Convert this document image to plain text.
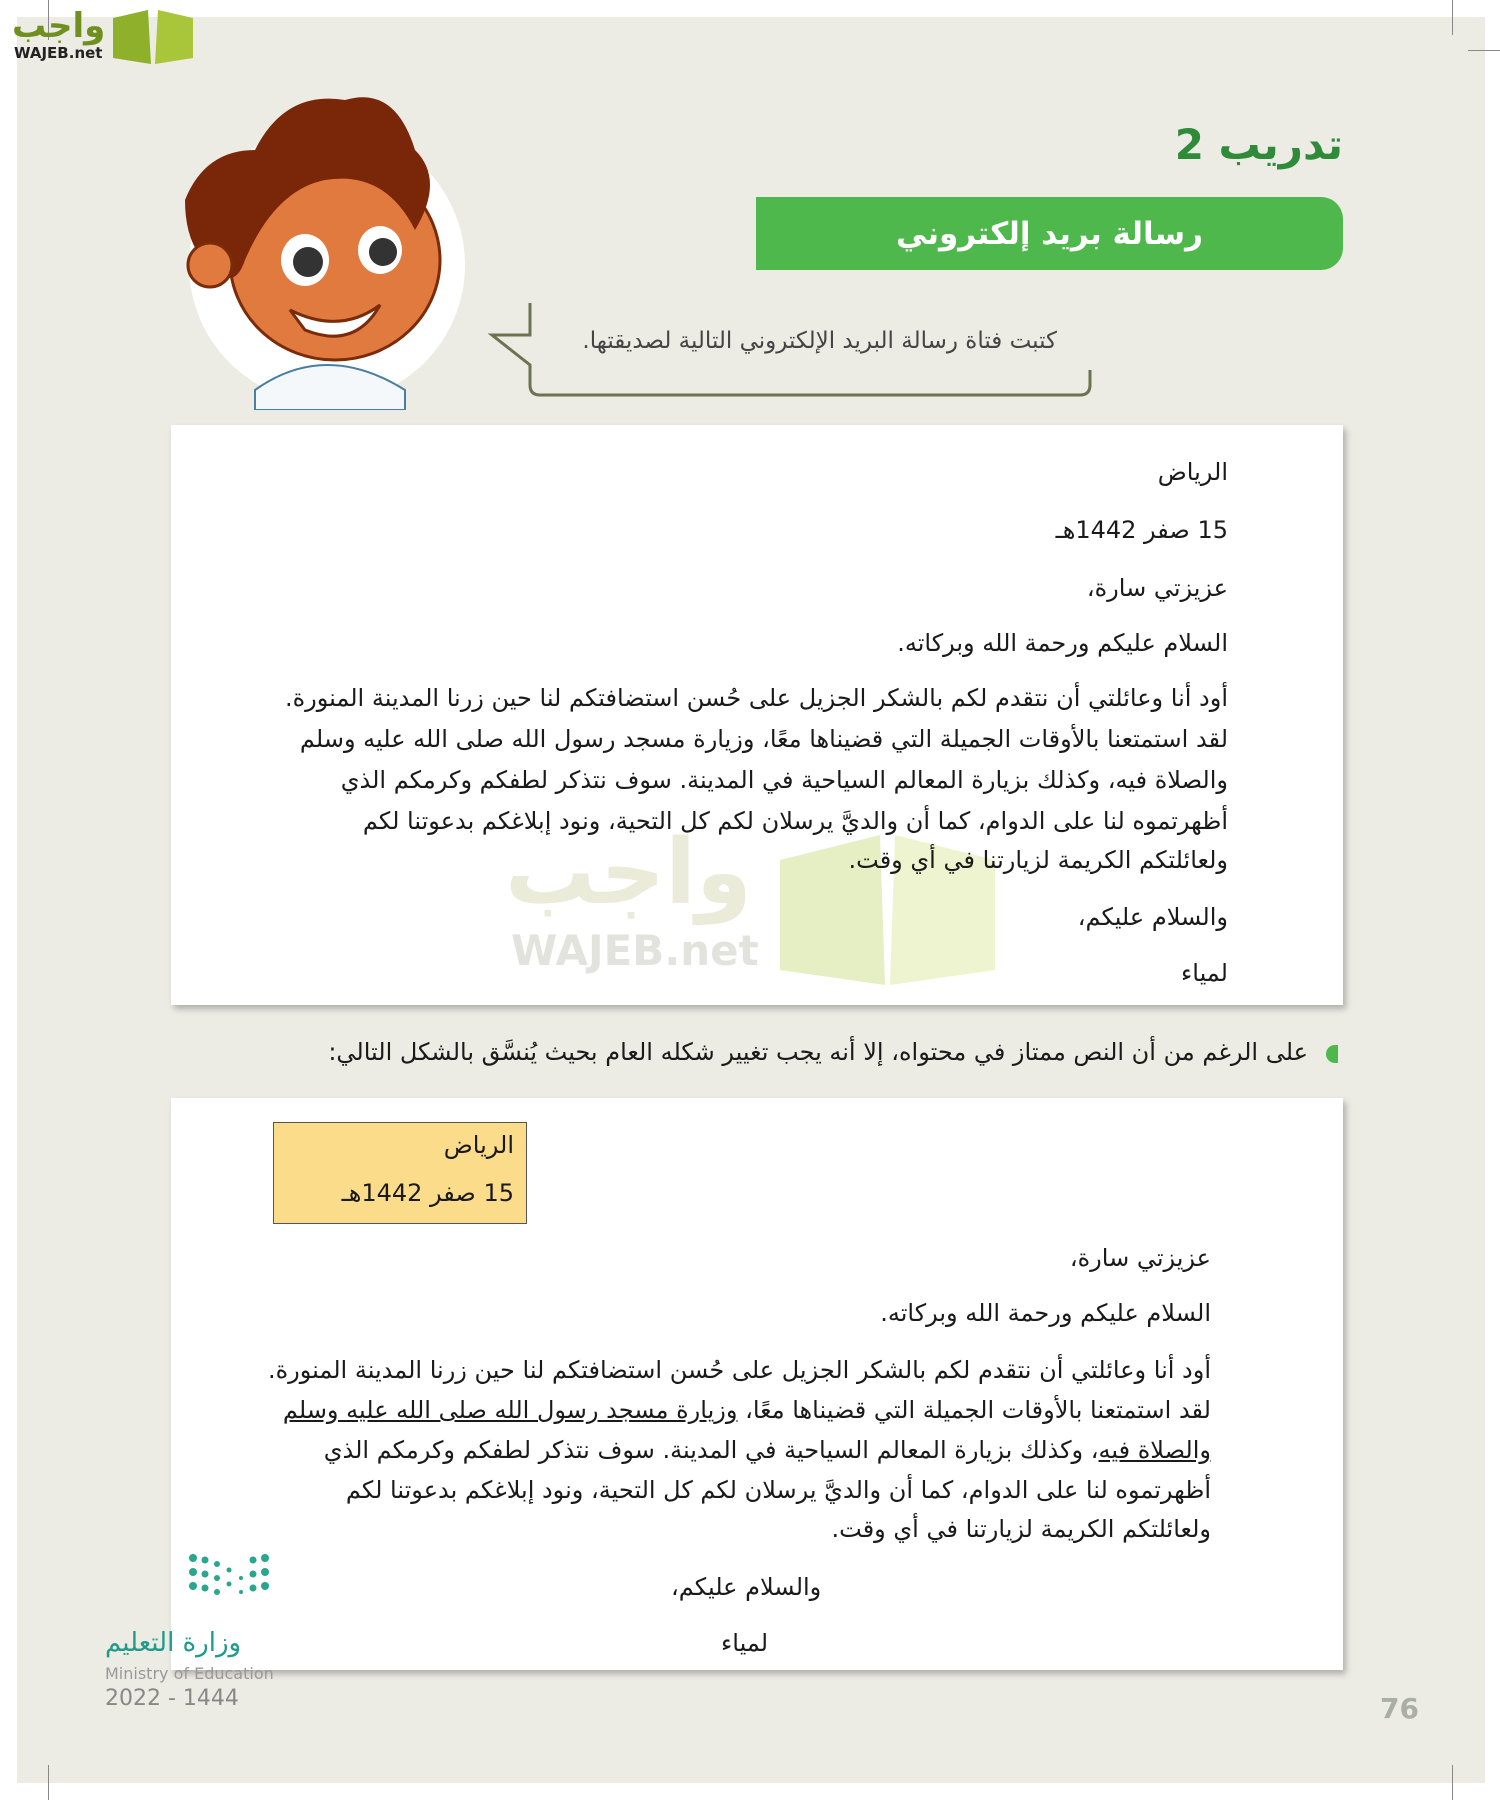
واجب
WAJEB.net
تدريب 2
رسالة بريد إلكتروني
كتبت فتاة رسالة البريد الإلكتروني التالية لصديقتها.
واجب
WAJEB.net
الرياض
15 صفر 1442هـ
عزيزتي سارة،
السلام عليكم ورحمة الله وبركاته.
أود أنا وعائلتي أن نتقدم لكم بالشكر الجزيل على حُسن استضافتكم لنا حين زرنا المدينة المنورة.
لقد استمتعنا بالأوقات الجميلة التي قضيناها معًا، وزيارة مسجد رسول الله صلى الله عليه وسلم
والصلاة فيه، وكذلك بزيارة المعالم السياحية في المدينة. سوف نتذكر لطفكم وكرمكم الذي
أظهرتموه لنا على الدوام، كما أن والديَّ يرسلان لكم كل التحية، ونود إبلاغكم بدعوتنا لكم
ولعائلتكم الكريمة لزيارتنا في أي وقت.
والسلام عليكم،
لمياء
على الرغم من أن النص ممتاز في محتواه، إلا أنه يجب تغيير شكله العام بحيث يُنسَّق بالشكل التالي:
الرياض
15 صفر 1442هـ
عزيزتي سارة،
السلام عليكم ورحمة الله وبركاته.
أود أنا وعائلتي أن نتقدم لكم بالشكر الجزيل على حُسن استضافتكم لنا حين زرنا المدينة المنورة.
لقد استمتعنا بالأوقات الجميلة التي قضيناها معًا، وزيارة مسجد رسول الله صلى الله عليه وسلم
والصلاة فيه، وكذلك بزيارة المعالم السياحية في المدينة. سوف نتذكر لطفكم وكرمكم الذي
أظهرتموه لنا على الدوام، كما أن والديَّ يرسلان لكم كل التحية، ونود إبلاغكم بدعوتنا لكم
ولعائلتكم الكريمة لزيارتنا في أي وقت.
والسلام عليكم،
لمياء
وزارة التعليم
Ministry of Education
2022 - 1444	76
